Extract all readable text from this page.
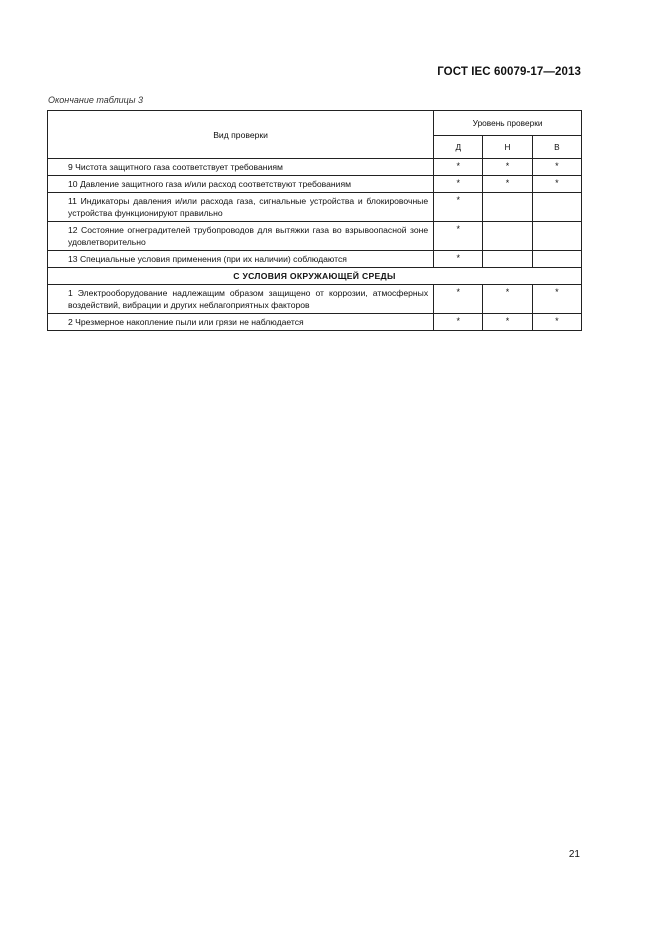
ГОСТ IEC 60079-17—2013
Окончание таблицы 3
Вид проверки	Уровень проверки		
	Д	Н	В
9 Чистота защитного газа соответствует требованиям	*	*	*
10 Давление защитного газа и/или расход соответствуют требованиям	*	*	*
11 Индикаторы давления и/или расхода газа, сигнальные устройства и блокировочные устройства функционируют правильно	*		
12 Состояние огнеградителей трубопроводов для вытяжки газа во взрывоопасной зоне удовлетворительно	*		
13 Специальные условия применения (при их наличии) соблюдаются	*		
С УСЛОВИЯ ОКРУЖАЮЩЕЙ СРЕДЫ			
1 Электрооборудование надлежащим образом защищено от коррозии, атмосферных воздействий, вибрации и других неблагоприятных факторов	*	*	*
2 Чрезмерное накопление пыли или грязи не наблюдается	*	*	*
21
